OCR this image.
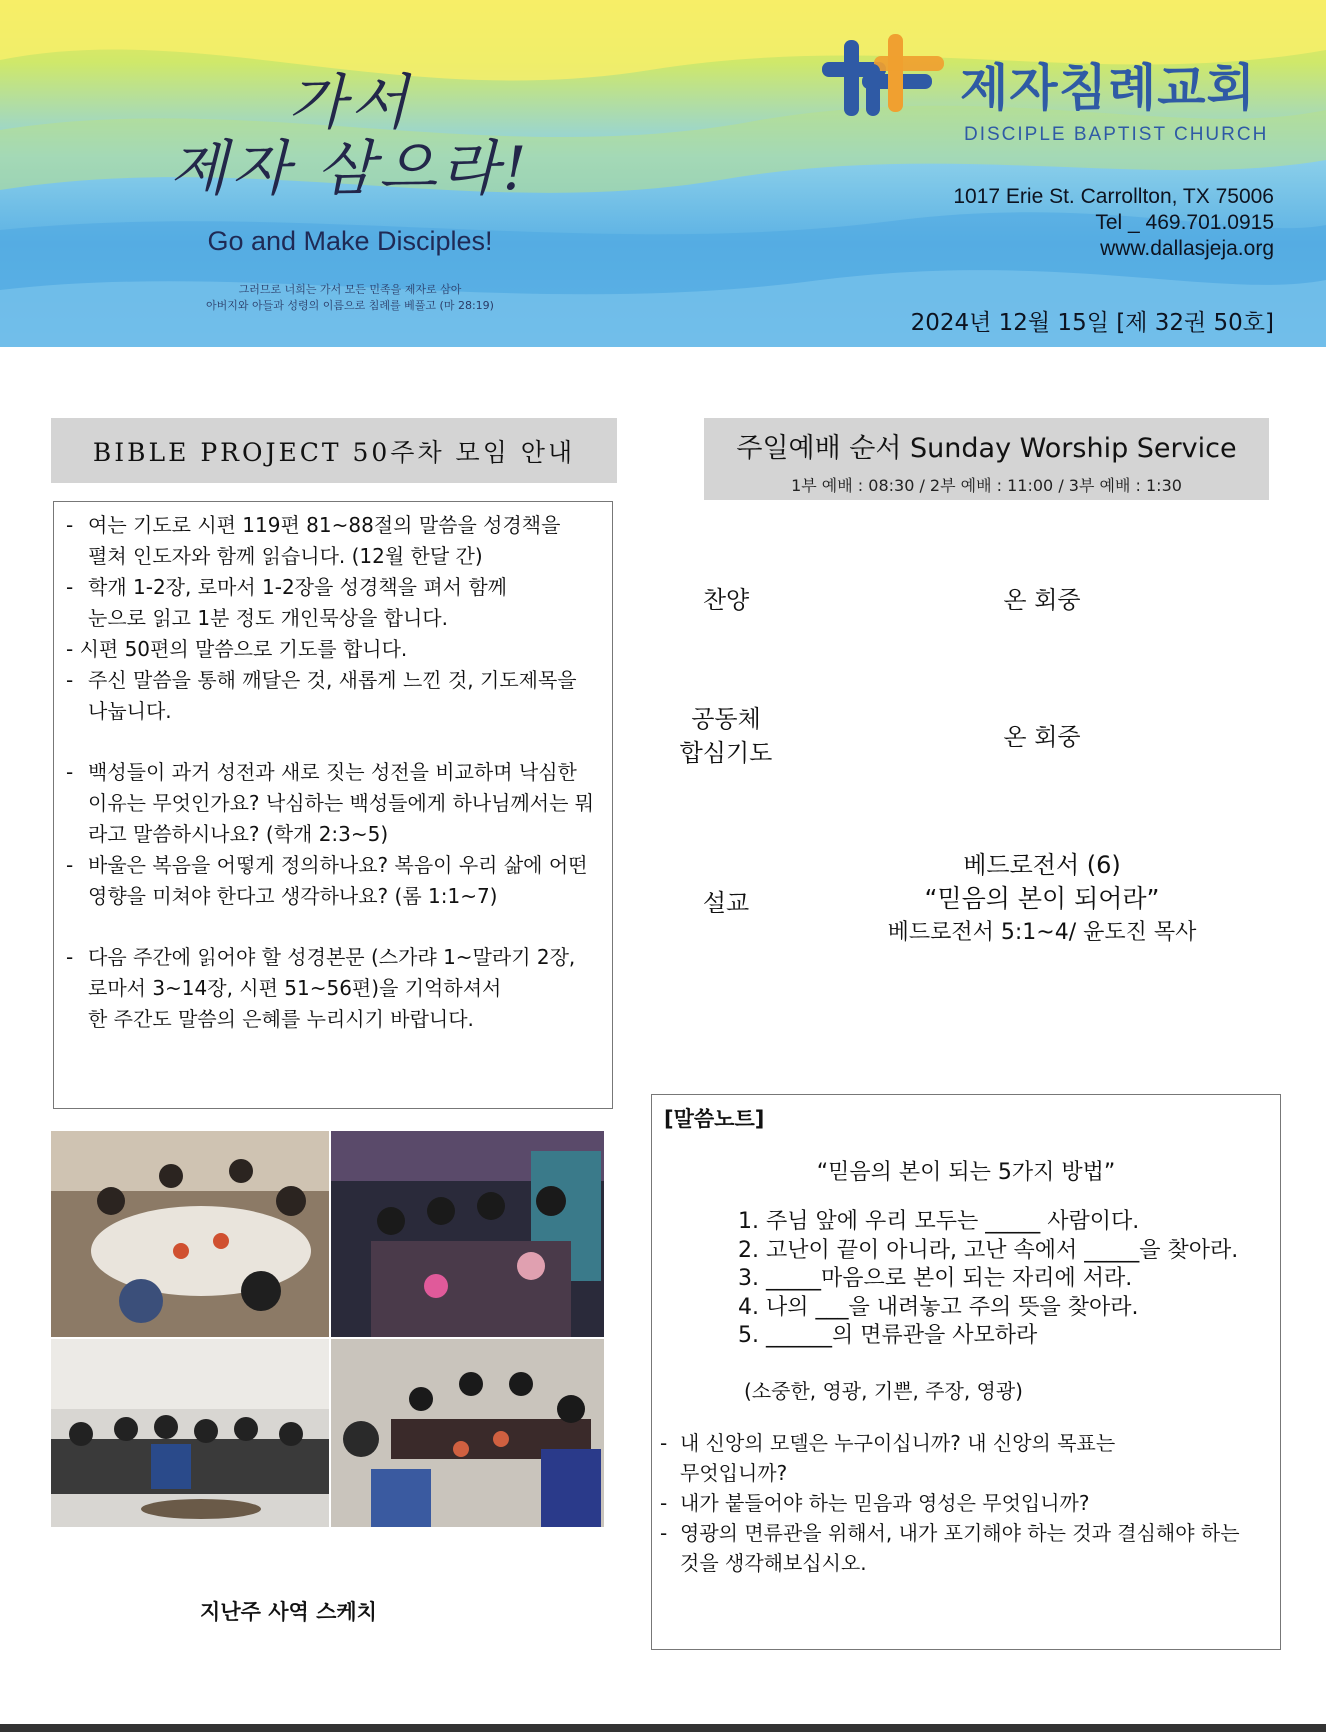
가서
제자 삼으라!
Go and Make Disciples!
그러므로 너희는 가서 모든 민족을 제자로 삼아
아버지와 아들과 성령의 이름으로 침례를 베풀고 (마 28:19)
제자침례교회
DISCIPLE BAPTIST CHURCH
1017 Erie St. Carrollton, TX 75006
Tel _ 469.701.0915
www.dallasjeja.org
2024년 12월 15일 [제 32권 50호]
BIBLE PROJECT 50주차 모임 안내
- 여는 기도로 시편 119편 81~88절의 말씀을 성경책을
펼쳐 인도자와 함께 읽습니다. (12월 한달 간)
- 학개 1-2장, 로마서 1-2장을 성경책을 펴서 함께
눈으로 읽고 1분 정도 개인묵상을 합니다.
- 시편 50편의 말씀으로 기도를 합니다.
- 주신 말씀을 통해 깨달은 것, 새롭게 느낀 것, 기도제목을
나눕니다.
- 백성들이 과거 성전과 새로 짓는 성전을 비교하며 낙심한
이유는 무엇인가요? 낙심하는 백성들에게 하나님께서는 뭐
라고 말씀하시나요? (학개 2:3~5)
- 바울은 복음을 어떻게 정의하나요? 복음이 우리 삶에 어떤
영향을 미쳐야 한다고 생각하나요? (롬 1:1~7)
- 다음 주간에 읽어야 할 성경본문 (스가랴 1~말라기 2장,
로마서 3~14장, 시편 51~56편)을 기억하셔서
한 주간도 말씀의 은혜를 누리시기 바랍니다.
지난주 사역 스케치
주일예배 순서 Sunday Worship Service
1부 예배 : 08:30 / 2부 예배 : 11:00 / 3부 예배 : 1:30
찬양	온 회중
공동체
합심기도
온 회중
설교
베드로전서 (6)
“믿음의 본이 되어라”
베드로전서 5:1~4/ 윤도진 목사
[말씀노트]
“믿음의 본이 되는 5가지 방법”
1. 주님 앞에 우리 모두는 _____ 사람이다.
2. 고난이 끝이 아니라, 고난 속에서 _____을 찾아라.
3. _____마음으로 본이 되는 자리에 서라.
4. 나의 ___을 내려놓고 주의 뜻을 찾아라.
5. ______의 면류관을 사모하라
(소중한, 영광, 기쁜, 주장, 영광)
- 내 신앙의 모델은 누구이십니까? 내 신앙의 목표는
무엇입니까?
- 내가 붙들어야 하는 믿음과 영성은 무엇입니까?
- 영광의 면류관을 위해서, 내가 포기해야 하는 것과 결심해야 하는
것을 생각해보십시오.
